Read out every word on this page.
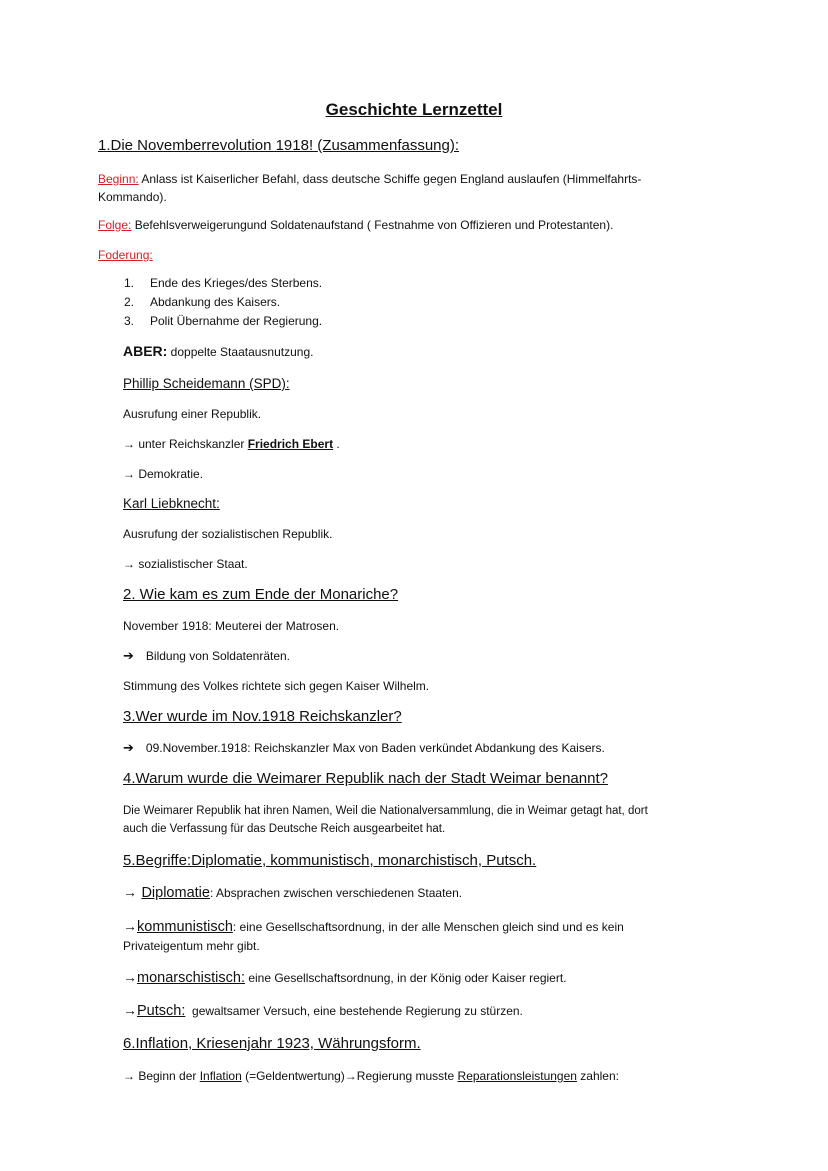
Geschichte Lernzettel
1.Die Novemberrevolution 1918! (Zusammenfassung):
Beginn: Anlass ist Kaiserlicher Befahl, dass deutsche Schiffe gegen England auslaufen (Himmelfahrts-
Kommando).
Folge: Befehlsverweigerungund Soldatenaufstand ( Festnahme von Offizieren und Protestanten).
Foderung:
1. Ende des Krieges/des Sterbens.
2. Abdankung des Kaisers.
3. Polit Übernahme der Regierung.
ABER: doppelte Staatausnutzung.
Phillip Scheidemann (SPD):
Ausrufung einer Republik.
→ unter Reichskanzler Friedrich Ebert .
→ Demokratie.
Karl Liebknecht:
Ausrufung der sozialistischen Republik.
→ sozialistischer Staat.
2. Wie kam es zum Ende der Monariche?
November 1918: Meuterei der Matrosen.
➔ Bildung von Soldatenräten.
Stimmung des Volkes richtete sich gegen Kaiser Wilhelm.
3.Wer wurde im Nov.1918 Reichskanzler?
➔ 09.November.1918: Reichskanzler Max von Baden verkündet Abdankung des Kaisers.
4.Warum wurde die Weimarer Republik nach der Stadt Weimar benannt?
Die Weimarer Republik hat ihren Namen, Weil die Nationalversammlung, die in Weimar getagt hat, dort
auch die Verfassung für das Deutsche Reich ausgearbeitet hat.
5.Begriffe:Diplomatie, kommunistisch, monarchistisch, Putsch.
→ Diplomatie: Absprachen zwischen verschiedenen Staaten.
→kommunistisch: eine Gesellschaftsordnung, in der alle Menschen gleich sind und es kein
Privateigentum mehr gibt.
→monarschistisch: eine Gesellschaftsordnung, in der König oder Kaiser regiert.
→Putsch:  gewaltsamer Versuch, eine bestehende Regierung zu stürzen.
6.Inflation, Kriesenjahr 1923, Währungsform.
→ Beginn der Inflation (=Geldentwertung)→Regierung musste Reparationsleistungen zahlen:
